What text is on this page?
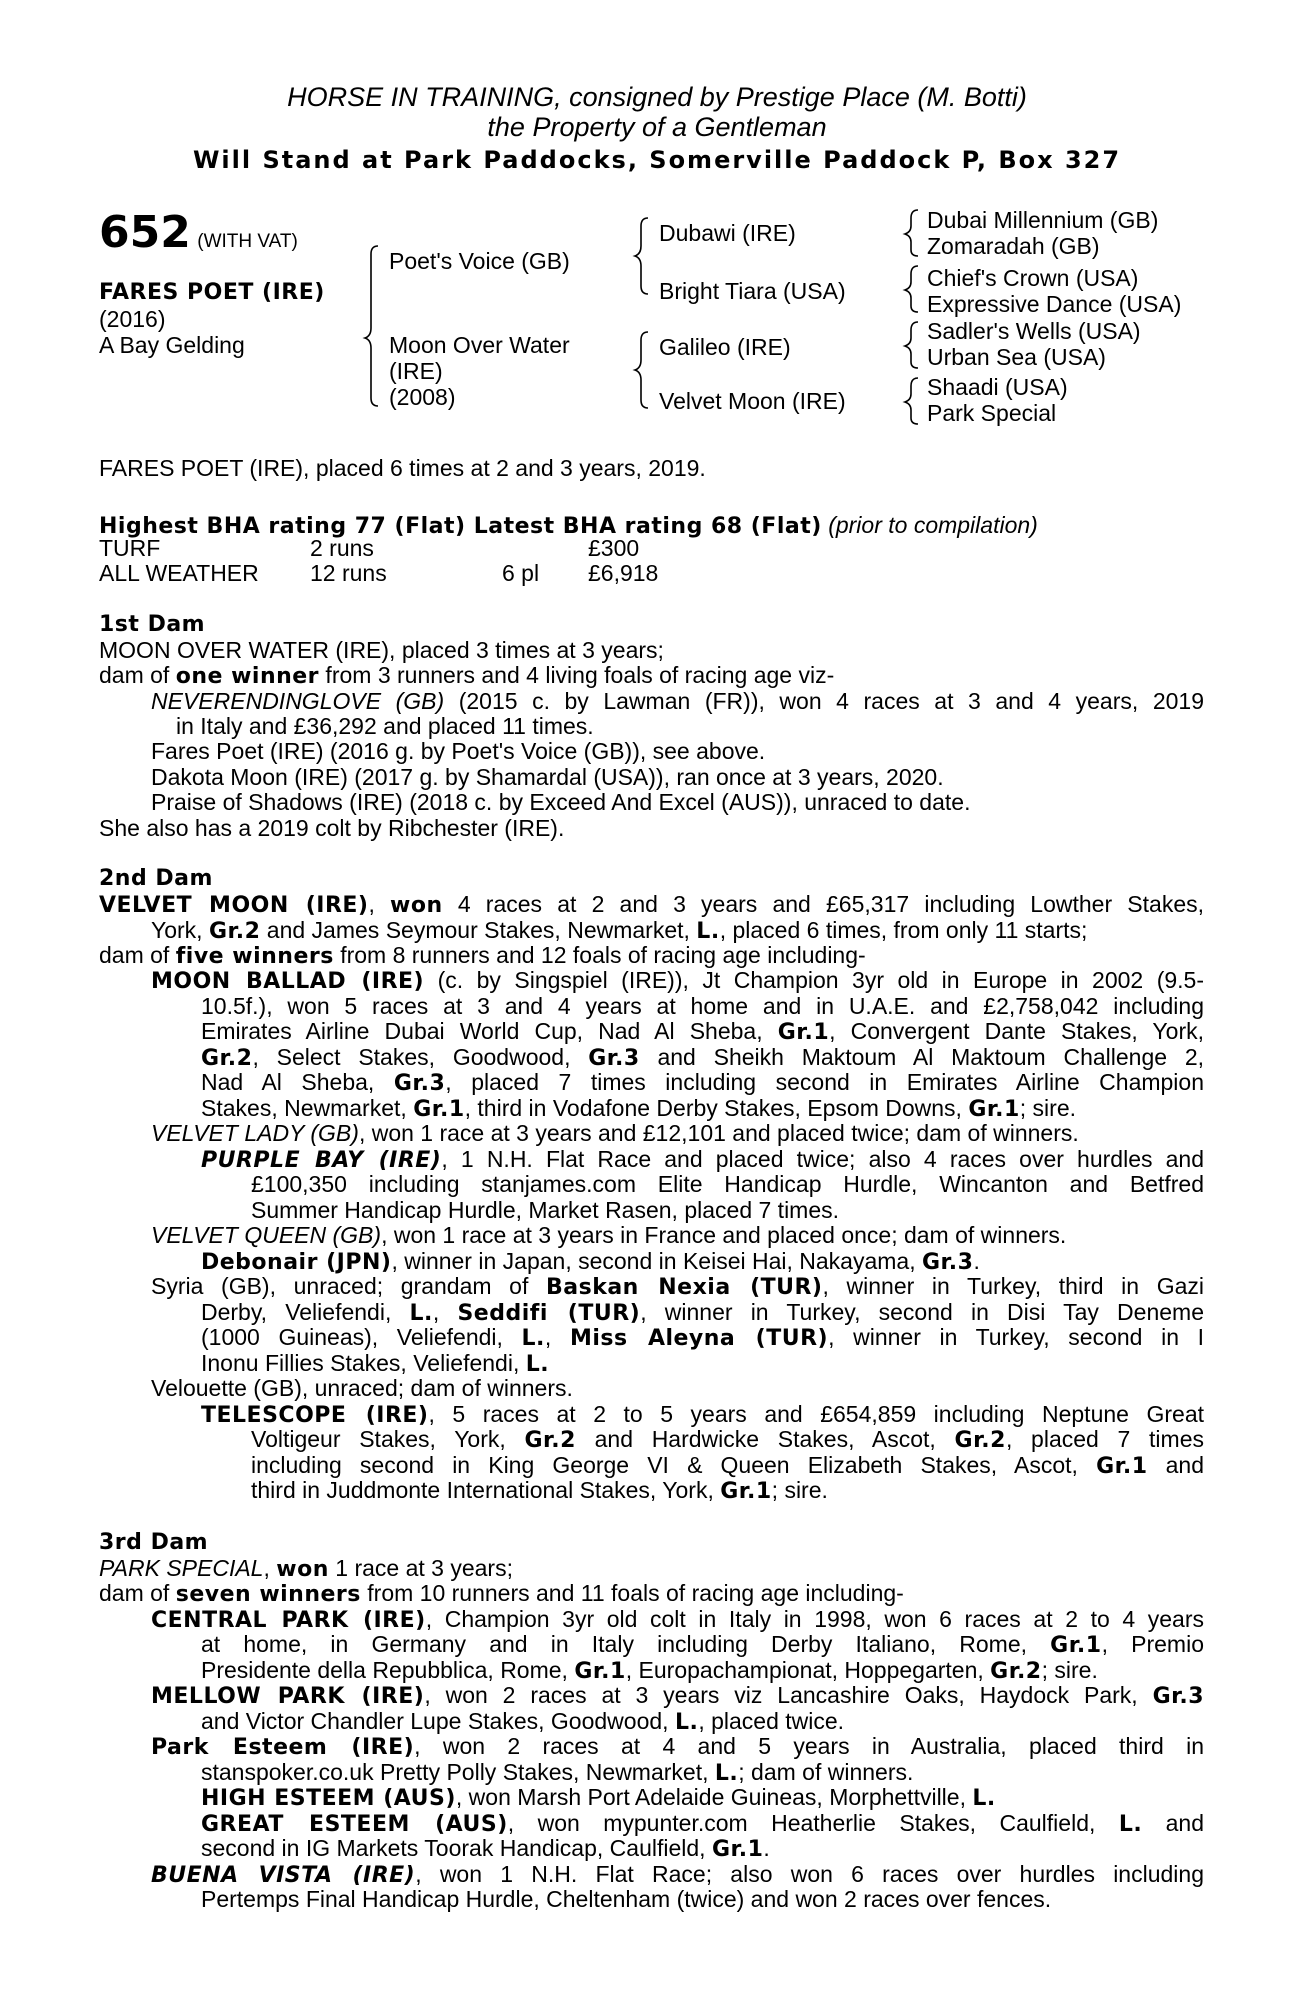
HORSE IN TRAINING, consigned by Prestige Place (M. Botti)
the Property of a Gentleman
Will Stand at Park Paddocks, Somerville Paddock P, Box 327
652 (WITH VAT)
FARES POET (IRE)
(2016)
A Bay Gelding
Poet's Voice (GB)
Moon Over Water
(IRE)
(2008)
Dubawi (IRE)
Bright Tiara (USA)
Galileo (IRE)
Velvet Moon (IRE)
Dubai Millennium (GB)
Zomaradah (GB)
Chief's Crown (USA)
Expressive Dance (USA)
Sadler's Wells (USA)
Urban Sea (USA)
Shaadi (USA)
Park Special
FARES POET (IRE), placed 6 times at 2 and 3 years, 2019.
Highest BHA rating 77 (Flat) Latest BHA rating 68 (Flat) (prior to compilation)
TURF	2 runs	£300
ALL WEATHER 12 runs	6 pl £6,918
1st Dam
MOON OVER WATER (IRE), placed 3 times at 3 years;
dam of one winner from 3 runners and 4 living foals of racing age viz-
NEVERENDINGLOVE (GB) (2015 c. by Lawman (FR)), won 4 races at 3 and 4 years, 2019
in Italy and £36,292 and placed 11 times.
Fares Poet (IRE) (2016 g. by Poet's Voice (GB)), see above.
Dakota Moon (IRE) (2017 g. by Shamardal (USA)), ran once at 3 years, 2020.
Praise of Shadows (IRE) (2018 c. by Exceed And Excel (AUS)), unraced to date.
She also has a 2019 colt by Ribchester (IRE).
2nd Dam
VELVET MOON (IRE), won 4 races at 2 and 3 years and £65,317 including Lowther Stakes,
York, Gr.2 and James Seymour Stakes, Newmarket, L., placed 6 times, from only 11 starts;
dam of five winners from 8 runners and 12 foals of racing age including-
MOON BALLAD (IRE) (c. by Singspiel (IRE)), Jt Champion 3yr old in Europe in 2002 (9.5-
10.5f.), won 5 races at 3 and 4 years at home and in U.A.E. and £2,758,042 including
Emirates Airline Dubai World Cup, Nad Al Sheba, Gr.1, Convergent Dante Stakes, York,
Gr.2, Select Stakes, Goodwood, Gr.3 and Sheikh Maktoum Al Maktoum Challenge 2,
Nad Al Sheba, Gr.3, placed 7 times including second in Emirates Airline Champion
Stakes, Newmarket, Gr.1, third in Vodafone Derby Stakes, Epsom Downs, Gr.1; sire.
VELVET LADY (GB), won 1 race at 3 years and £12,101 and placed twice; dam of winners.
PURPLE BAY (IRE), 1 N.H. Flat Race and placed twice; also 4 races over hurdles and
£100,350 including stanjames.com Elite Handicap Hurdle, Wincanton and Betfred
Summer Handicap Hurdle, Market Rasen, placed 7 times.
VELVET QUEEN (GB), won 1 race at 3 years in France and placed once; dam of winners.
Debonair (JPN), winner in Japan, second in Keisei Hai, Nakayama, Gr.3.
Syria (GB), unraced; grandam of Baskan Nexia (TUR), winner in Turkey, third in Gazi
Derby, Veliefendi, L., Seddifi (TUR), winner in Turkey, second in Disi Tay Deneme
(1000 Guineas), Veliefendi, L., Miss Aleyna (TUR), winner in Turkey, second in I
Inonu Fillies Stakes, Veliefendi, L.
Velouette (GB), unraced; dam of winners.
TELESCOPE (IRE), 5 races at 2 to 5 years and £654,859 including Neptune Great
Voltigeur Stakes, York, Gr.2 and Hardwicke Stakes, Ascot, Gr.2, placed 7 times
including second in King George VI & Queen Elizabeth Stakes, Ascot, Gr.1 and
third in Juddmonte International Stakes, York, Gr.1; sire.
3rd Dam
PARK SPECIAL, won 1 race at 3 years;
dam of seven winners from 10 runners and 11 foals of racing age including-
CENTRAL PARK (IRE), Champion 3yr old colt in Italy in 1998, won 6 races at 2 to 4 years
at home, in Germany and in Italy including Derby Italiano, Rome, Gr.1, Premio
Presidente della Repubblica, Rome, Gr.1, Europachampionat, Hoppegarten, Gr.2; sire.
MELLOW PARK (IRE), won 2 races at 3 years viz Lancashire Oaks, Haydock Park, Gr.3
and Victor Chandler Lupe Stakes, Goodwood, L., placed twice.
Park Esteem (IRE), won 2 races at 4 and 5 years in Australia, placed third in
stanspoker.co.uk Pretty Polly Stakes, Newmarket, L.; dam of winners.
HIGH ESTEEM (AUS), won Marsh Port Adelaide Guineas, Morphettville, L.
GREAT ESTEEM (AUS), won mypunter.com Heatherlie Stakes, Caulfield, L. and
second in IG Markets Toorak Handicap, Caulfield, Gr.1.
BUENA VISTA (IRE), won 1 N.H. Flat Race; also won 6 races over hurdles including
Pertemps Final Handicap Hurdle, Cheltenham (twice) and won 2 races over fences.
